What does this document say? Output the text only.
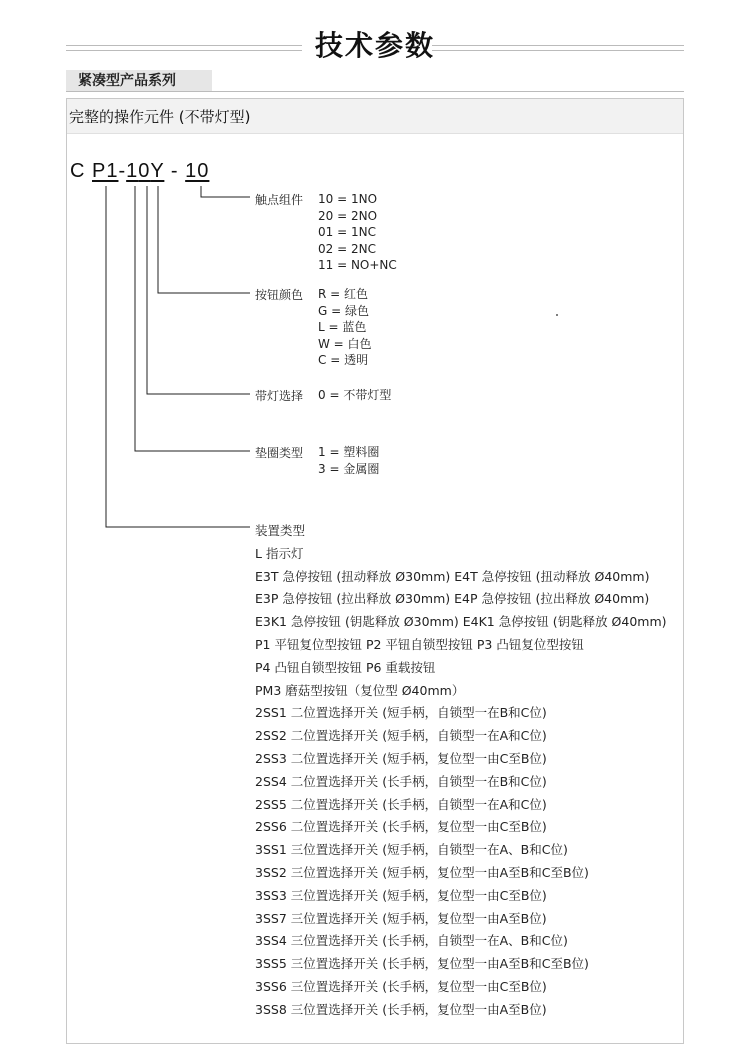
技术参数
紧凑型产品系列
完整的操作元件 (不带灯型)
C P1-10Y - 10
触点组件 10 = 1NO
20 = 2NO
01 = 1NC
02 = 2NC
11 = NO+NC
按钮颜色 R = 红色
G = 绿色
L = 蓝色
W = 白色
C = 透明
带灯选择 0 = 不带灯型
垫圈类型 1 = 塑料圈
3 = 金属圈
装置类型
L 指示灯
E3T 急停按钮 (扭动释放 Ø30mm) E4T 急停按钮 (扭动释放 Ø40mm)
E3P 急停按钮 (拉出释放 Ø30mm) E4P 急停按钮 (拉出释放 Ø40mm)
E3K1 急停按钮 (钥匙释放 Ø30mm) E4K1 急停按钮 (钥匙释放 Ø40mm)
P1 平钮复位型按钮 P2 平钮自锁型按钮 P3 凸钮复位型按钮
P4 凸钮自锁型按钮 P6 重载按钮
PM3 磨菇型按钮（复位型 Ø40mm）
2SS1 二位置选择开关 (短手柄，自锁型一在B和C位)
2SS2 二位置选择开关 (短手柄，自锁型一在A和C位)
2SS3 二位置选择开关 (短手柄，复位型一由C至B位)
2SS4 二位置选择开关 (长手柄，自锁型一在B和C位)
2SS5 二位置选择开关 (长手柄，自锁型一在A和C位)
2SS6 二位置选择开关 (长手柄，复位型一由C至B位)
3SS1 三位置选择开关 (短手柄，自锁型一在A、B和C位)
3SS2 三位置选择开关 (短手柄，复位型一由A至B和C至B位)
3SS3 三位置选择开关 (短手柄，复位型一由C至B位)
3SS7 三位置选择开关 (短手柄，复位型一由A至B位)
3SS4 三位置选择开关 (长手柄，自锁型一在A、B和C位)
3SS5 三位置选择开关 (长手柄，复位型一由A至B和C至B位)
3SS6 三位置选择开关 (长手柄，复位型一由C至B位)
3SS8 三位置选择开关 (长手柄，复位型一由A至B位)
